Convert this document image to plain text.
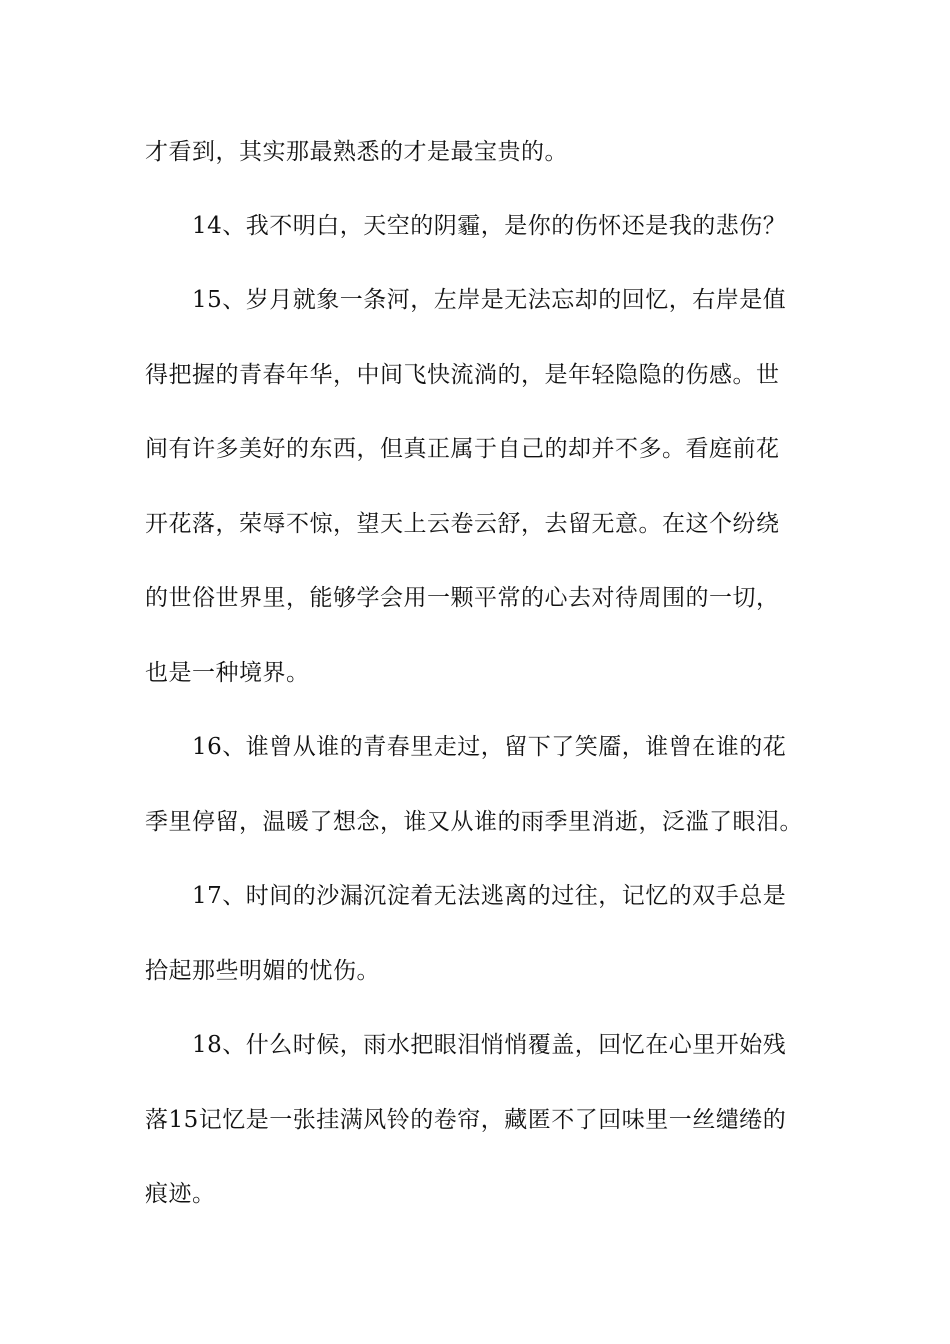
才看到，其实那最熟悉的才是最宝贵的。
14、我不明白，天空的阴霾，是你的伤怀还是我的悲伤？
15、岁月就象一条河，左岸是无法忘却的回忆，右岸是值
得把握的青春年华，中间飞快流淌的，是年轻隐隐的伤感。世
间有许多美好的东西，但真正属于自己的却并不多。看庭前花
开花落，荣辱不惊，望天上云卷云舒，去留无意。在这个纷绕
的世俗世界里，能够学会用一颗平常的心去对待周围的一切，
也是一种境界。
16、谁曾从谁的青春里走过，留下了笑靥，谁曾在谁的花
季里停留，温暖了想念，谁又从谁的雨季里消逝，泛滥了眼泪。
17、时间的沙漏沉淀着无法逃离的过往，记忆的双手总是
拾起那些明媚的忧伤。
18、什么时候，雨水把眼泪悄悄覆盖，回忆在心里开始残
落15记忆是一张挂满风铃的卷帘，藏匿不了回味里一丝缱绻的
痕迹。
